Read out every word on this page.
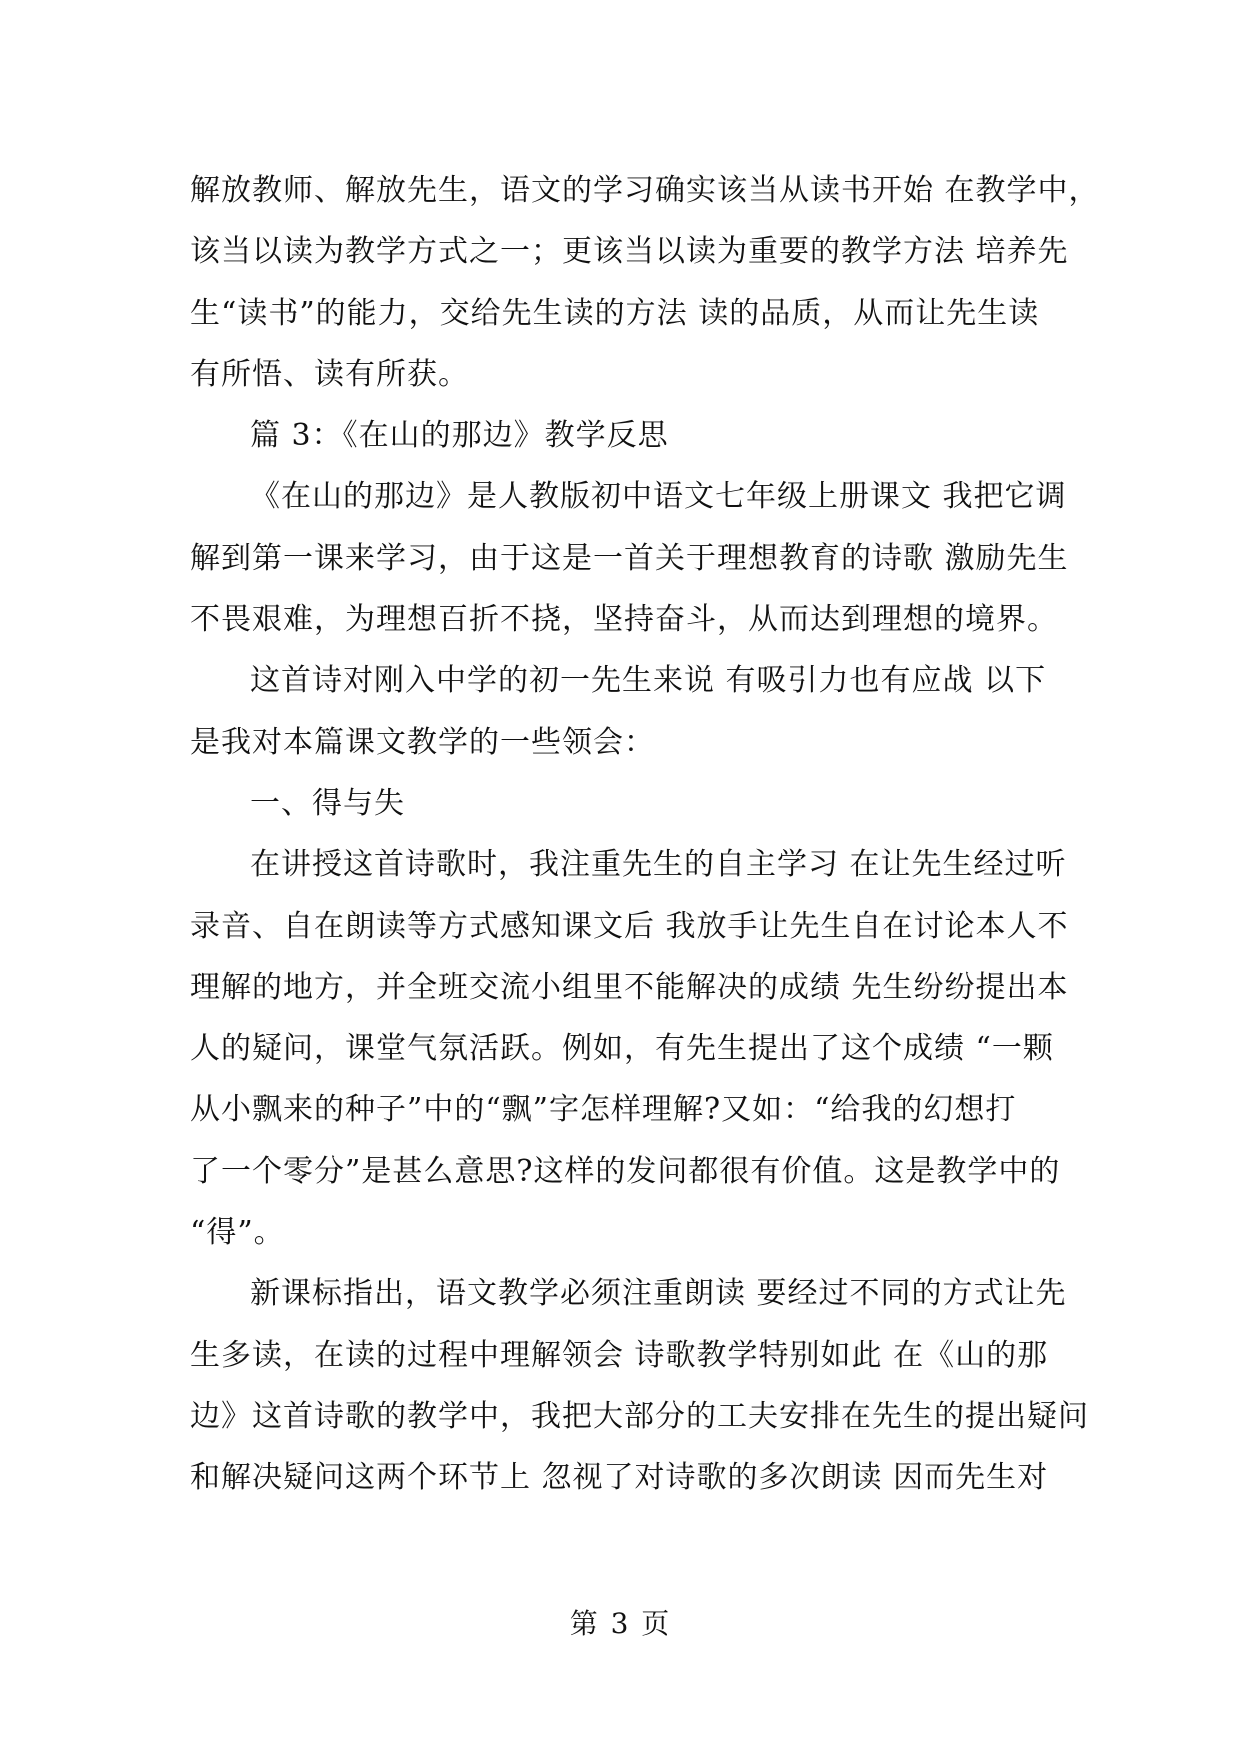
解放教师、解放先生，语文的学习确实该当从读书开始 在教学中，
该当以读为教学方式之一；更该当以读为重要的教学方法 培养先
生“读书”的能力，交给先生读的方法 读的品质，从而让先生读
有所悟、读有所获。
篇 3：《在山的那边》教学反思
《在山的那边》是人教版初中语文七年级上册课文 我把它调
解到第一课来学习，由于这是一首关于理想教育的诗歌 激励先生
不畏艰难，为理想百折不挠，坚持奋斗，从而达到理想的境界。
这首诗对刚入中学的初一先生来说 有吸引力也有应战 以下
是我对本篇课文教学的一些领会：
一、得与失
在讲授这首诗歌时，我注重先生的自主学习 在让先生经过听
录音、自在朗读等方式感知课文后 我放手让先生自在讨论本人不
理解的地方，并全班交流小组里不能解决的成绩 先生纷纷提出本
人的疑问，课堂气氛活跃。例如，有先生提出了这个成绩 “一颗
从小飘来的种子”中的“飘”字怎样理解?又如：“给我的幻想打
了一个零分”是甚么意思?这样的发问都很有价值。这是教学中的
“得”。
新课标指出，语文教学必须注重朗读 要经过不同的方式让先
生多读，在读的过程中理解领会 诗歌教学特别如此 在《山的那
边》这首诗歌的教学中，我把大部分的工夫安排在先生的提出疑问
和解决疑问这两个环节上 忽视了对诗歌的多次朗读 因而先生对
第 3 页
